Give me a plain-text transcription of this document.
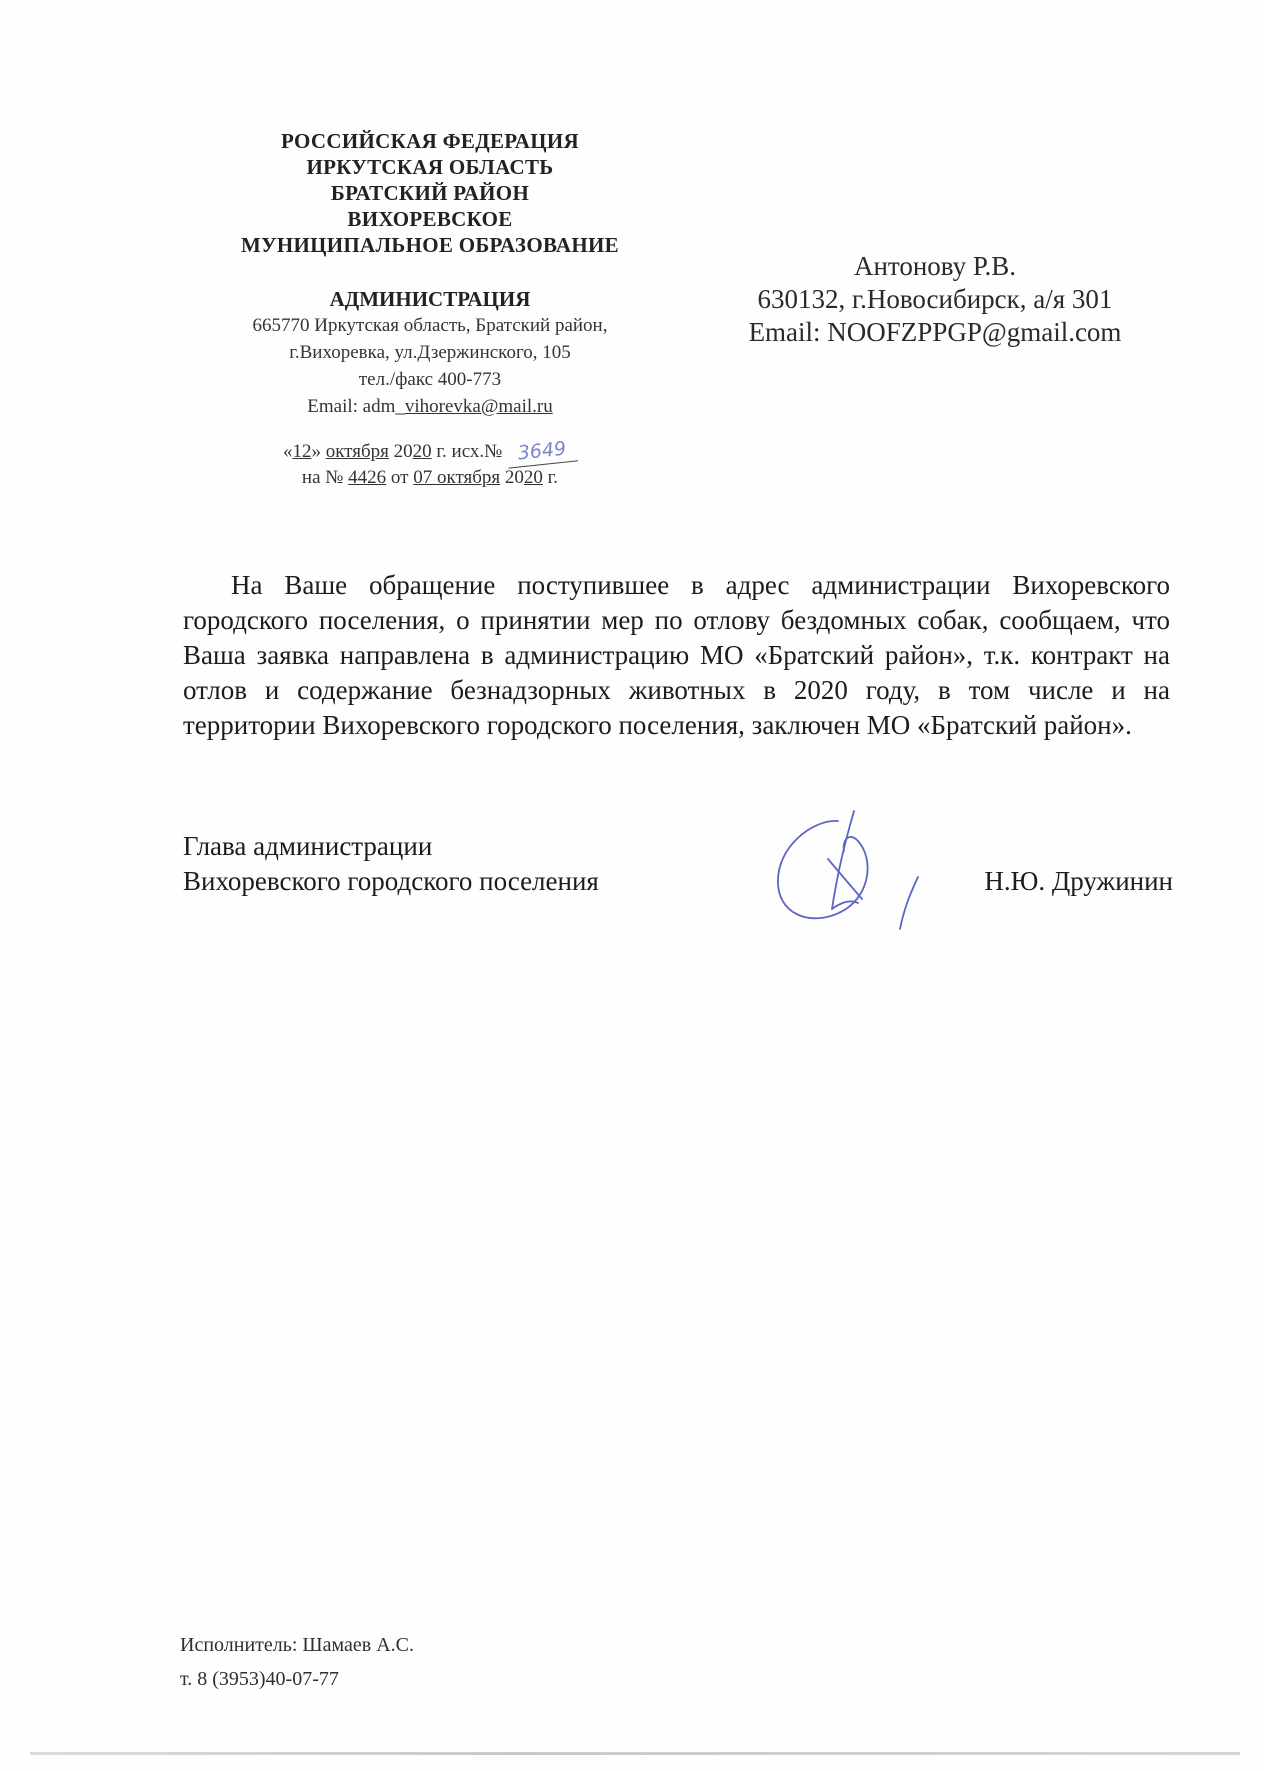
РОССИЙСКАЯ ФЕДЕРАЦИЯ
ИРКУТСКАЯ ОБЛАСТЬ
БРАТСКИЙ РАЙОН
ВИХОРЕВСКОЕ
МУНИЦИПАЛЬНОЕ ОБРАЗОВАНИЕ
АДМИНИСТРАЦИЯ
665770 Иркутская область, Братский район,
г.Вихоревка, ул.Дзержинского, 105
тел./факс 400-773
Email: adm_vihorevka@mail.ru
«12» октября 2020 г. исх.№ 3649
на № 4426 от 07 октября 2020 г.
Антонову Р.В.
630132, г.Новосибирск, а/я 301
Email: NOOFZPPGP@gmail.com
На Ваше обращение поступившее в адрес администрации Вихоревского городского поселения, о принятии мер по отлову бездомных собак, сообщаем, что Ваша заявка направлена в администрацию МО «Братский район», т.к. контракт на отлов и содержание безнадзорных животных в 2020 году, в том числе и на территории Вихоревского городского поселения, заключен МО «Братский район».
Глава администрации
Вихоревского городского поселения	Н.Ю. Дружинин
Исполнитель: Шамаев А.С.
т. 8 (3953)40-07-77
